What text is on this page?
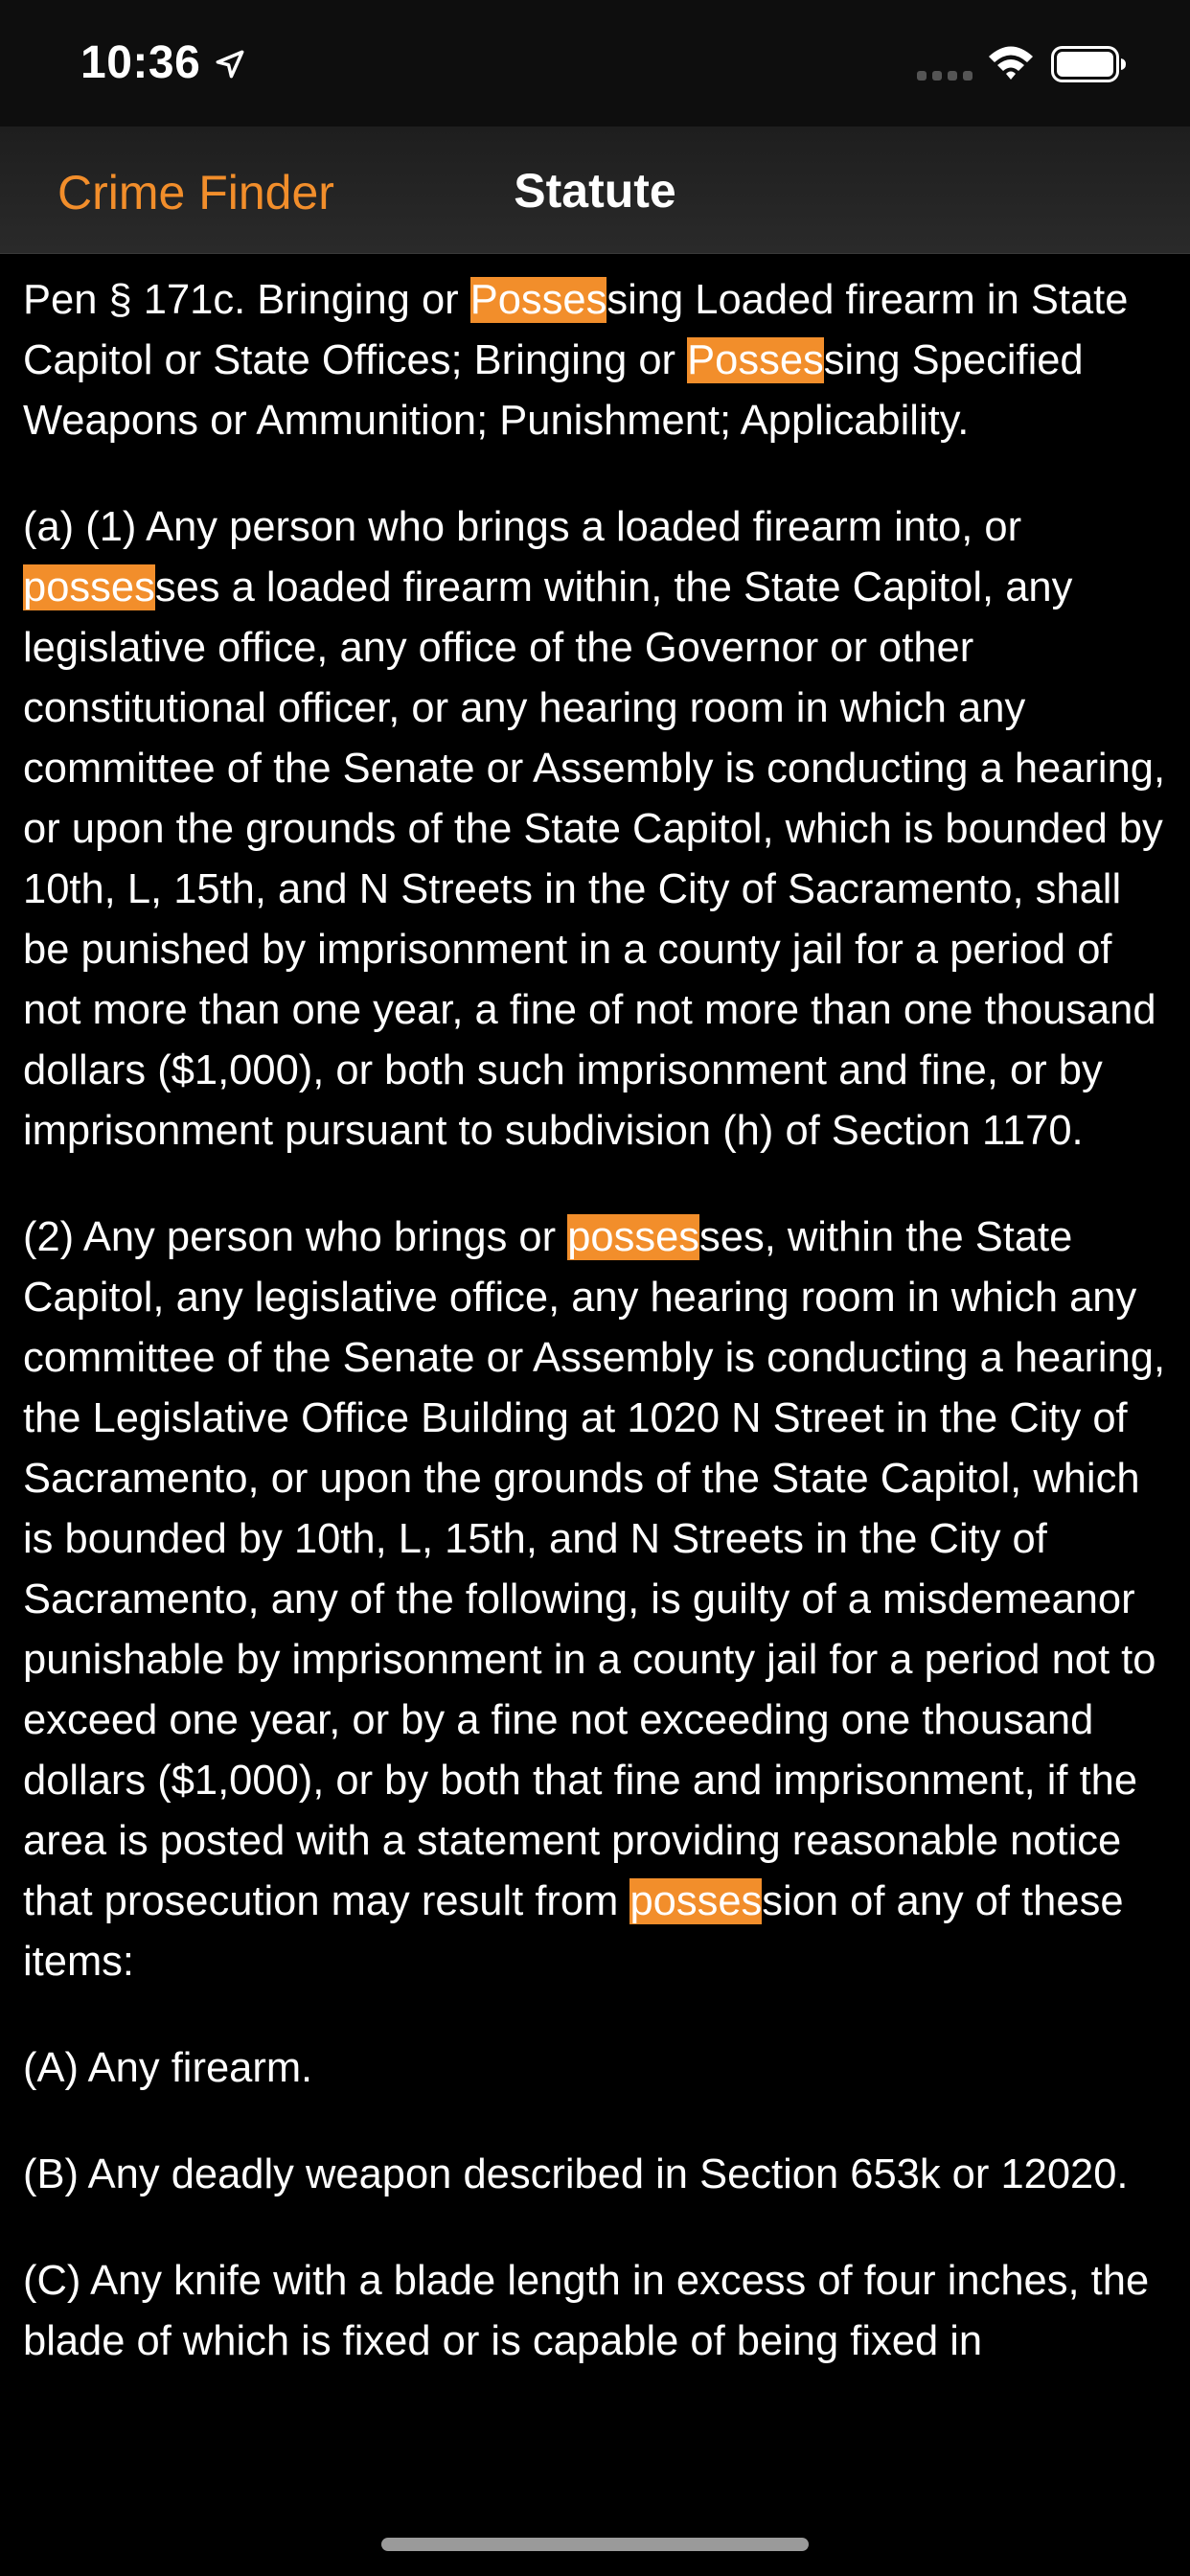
10:36
Crime Finder	Statute

Pen § 171c. Bringing or Possessing Loaded firearm in State Capitol or State Offices; Bringing or Possessing Specified Weapons or Ammunition; Punishment; Applicability.

(a) (1) Any person who brings a loaded firearm into, or possesses a loaded firearm within, the State Capitol, any legislative office, any office of the Governor or other constitutional officer, or any hearing room in which any committee of the Senate or Assembly is conducting a hearing, or upon the grounds of the State Capitol, which is bounded by 10th, L, 15th, and N Streets in the City of Sacramento, shall be punished by imprisonment in a county jail for a period of not more than one year, a fine of not more than one thousand dollars ($1,000), or both such imprisonment and fine, or by imprisonment pursuant to subdivision (h) of Section 1170.

(2) Any person who brings or possesses, within the State Capitol, any legislative office, any hearing room in which any committee of the Senate or Assembly is conducting a hearing, the Legislative Office Building at 1020 N Street in the City of Sacramento, or upon the grounds of the State Capitol, which is bounded by 10th, L, 15th, and N Streets in the City of Sacramento, any of the following, is guilty of a misdemeanor punishable by imprisonment in a county jail for a period not to exceed one year, or by a fine not exceeding one thousand dollars ($1,000), or by both that fine and imprisonment, if the area is posted with a statement providing reasonable notice that prosecution may result from possession of any of these items:

(A) Any firearm.

(B) Any deadly weapon described in Section 653k or 12020.

(C) Any knife with a blade length in excess of four inches, the blade of which is fixed or is capable of being fixed in
